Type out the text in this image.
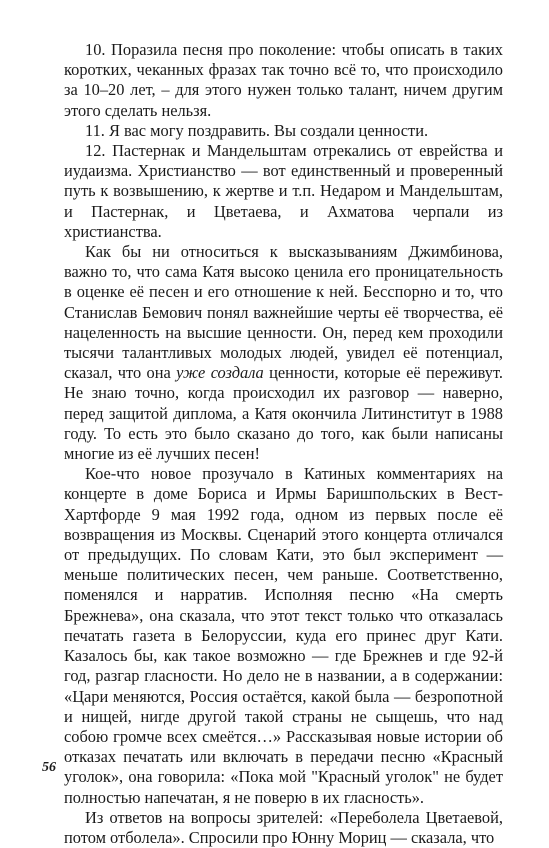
10. Поразила песня про поколение: чтобы описать в таких коротких, чеканных фразах так точно всё то, что происходило за 10–20 лет, – для этого нужен только талант, ничем другим этого сделать нельзя.

11. Я вас могу поздравить. Вы создали ценности.

12. Пастернак и Мандельштам отрекались от еврейства и иудаизма. Христианство — вот единственный и проверенный путь к возвышению, к жертве и т.п. Недаром и Мандельштам, и Пастернак, и Цветаева, и Ахматова черпали из христианства.

Как бы ни относиться к высказываниям Джимбинова, важно то, что сама Катя высоко ценила его проницательность в оценке её песен и его отношение к ней. Бесспорно и то, что Станислав Бемович понял важнейшие черты её творчества, её нацеленность на высшие ценности. Он, перед кем проходили тысячи талантливых молодых людей, увидел её потенциал, сказал, что она уже создала ценности, которые её переживут. Не знаю точно, когда происходил их разговор — наверно, перед защитой диплома, а Катя окончила Литинститут в 1988 году. То есть это было сказано до того, как были написаны многие из её лучших песен!

Кое-что новое прозучало в Катиных комментариях на концерте в доме Бориса и Ирмы Баришпольских в Вест-Хартфорде 9 мая 1992 года, одном из первых после её возвращения из Москвы. Сценарий этого концерта отличался от предыдущих. По словам Кати, это был эксперимент — меньше политических песен, чем раньше. Соответственно, поменялся и нарратив. Исполняя песню «На смерть Брежнева», она сказала, что этот текст только что отказалась печатать газета в Белоруссии, куда его принес друг Кати. Казалось бы, как такое возможно — где Брежнев и где 92-й год, разгар гласности. Но дело не в названии, а в содержании: «Цари меняются, Россия остаётся, какой была — безропотной и нищей, нигде другой такой страны не сыщешь, что над собою громче всех смеётся…» Рассказывая новые истории об отказах печатать или включать в передачи песню «Красный уголок», она говорила: «Пока мой "Красный уголок" не будет полностью напечатан, я не поверю в их гласность».

Из ответов на вопросы зрителей: «Переболела Цветаевой, потом отболела». Спросили про Юнну Мориц — сказала, что

56
